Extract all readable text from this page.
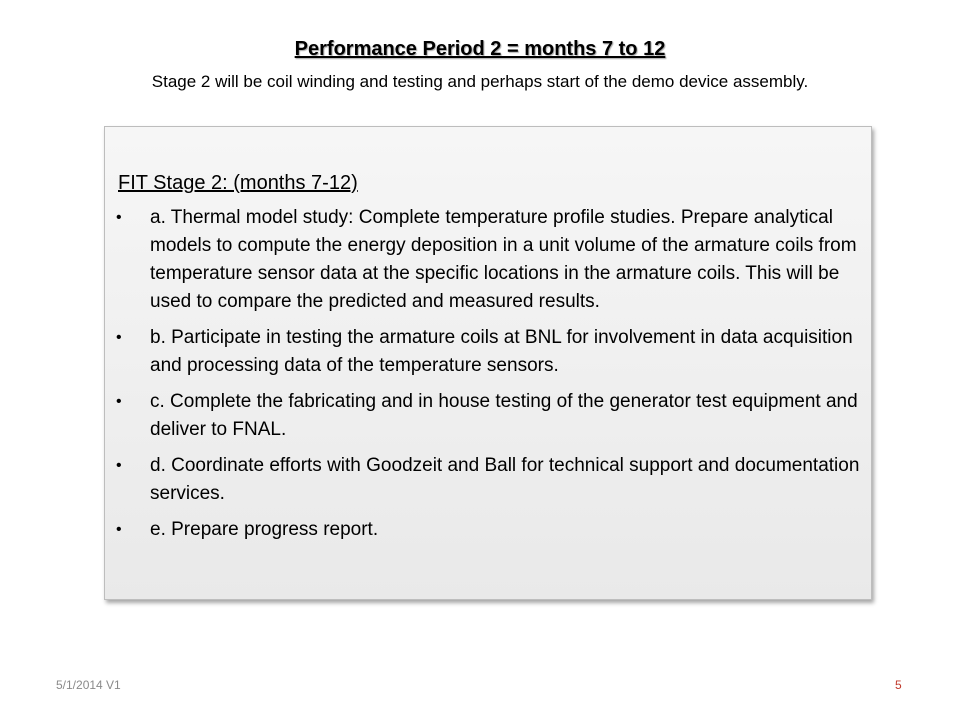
Performance Period 2 = months 7 to 12
Stage 2 will be coil winding and testing and perhaps start of the demo device assembly.
FIT Stage 2: (months 7-12)
• a. Thermal model study: Complete temperature profile studies. Prepare analytical models to compute the energy deposition in a unit volume of the armature coils from temperature sensor data at the specific locations in the armature coils. This will be used to compare the predicted and measured results.
• b. Participate in testing the armature coils at BNL for involvement in data acquisition and processing data of the temperature sensors.
• c. Complete the fabricating and in house testing of the generator test equipment and deliver to FNAL.
• d. Coordinate efforts with Goodzeit and Ball for technical support and documentation services.
• e. Prepare progress report.
5/1/2014 V1	5
